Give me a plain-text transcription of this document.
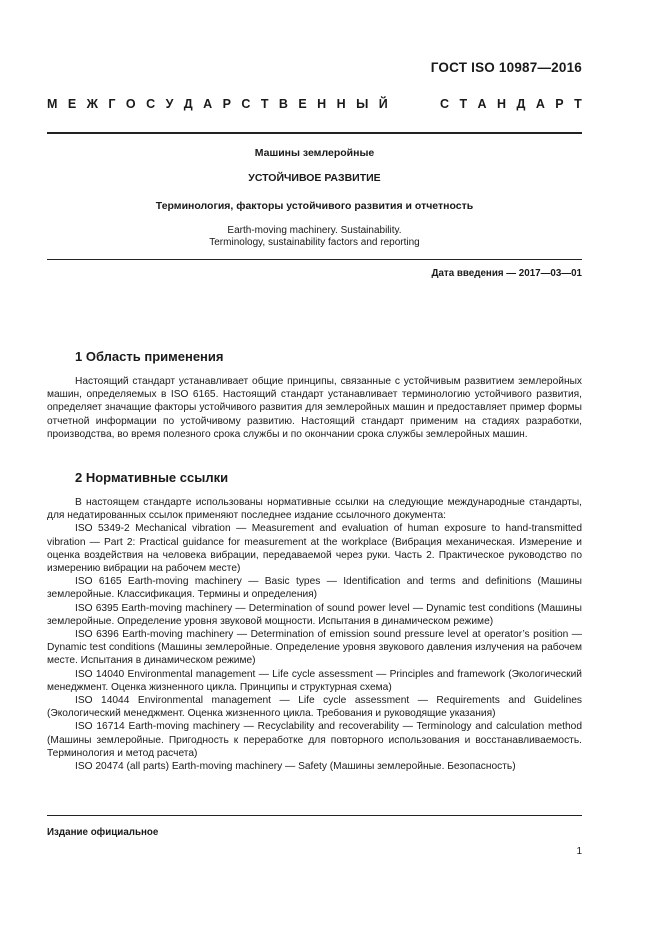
ГОСТ ISO 10987—2016
М Е Ж Г О С У Д А Р С Т В Е Н Н Ы Й

	С Т А Н Д А Р Т
Машины землеройные
УСТОЙЧИВОЕ РАЗВИТИЕ
Терминология, факторы устойчивого развития и отчетность
Earth-moving machinery. Sustainability.
Terminology, sustainability factors and reporting
Дата введения — 2017—03—01
1 Область применения

Настоящий стандарт устанавливает общие принципы, связанные с устойчивым развитием землеройных машин, определяемых в ISO 6165. Настоящий стандарт устанавливает терминологию устойчивого развития, определяет значащие факторы устойчивого развития для землеройных машин и предоставляет пример формы отчетной информации по устойчивому развитию. Настоящий стандарт применим на стадиях разработки, производства, во время полезного срока службы и по окончании срока службы землеройных машин.

2 Нормативные ссылки

В настоящем стандарте использованы нормативные ссылки на следующие международные стандарты, для недатированных ссылок применяют последнее издание ссылочного документа:

ISO 5349-2 Mechanical vibration — Measurement and evaluation of human exposure to hand-transmitted vibration — Part 2: Practical guidance for measurement at the workplace (Вибрация механическая. Измерение и оценка воздействия на человека вибрации, передаваемой через руки. Часть 2. Практическое руководство по измерению вибрации на рабочем месте)

ISO 6165 Earth-moving machinery — Basic types — Identification and terms and definitions (Машины землеройные. Классификация. Термины и определения)

ISO 6395 Earth-moving machinery — Determination of sound power level — Dynamic test conditions (Машины землеройные. Определение уровня звуковой мощности. Испытания в динамическом режиме)

ISO 6396 Earth-moving machinery — Determination of emission sound pressure level at operator’s position — Dynamic test conditions (Машины землеройные. Определение уровня звукового давления излучения на рабочем месте. Испытания в динамическом режиме)

ISO 14040 Environmental management — Life cycle assessment — Principles and framework (Экологический менеджмент. Оценка жизненного цикла. Принципы и структурная схема)

ISO 14044 Environmental management — Life cycle assessment — Requirements and Guidelines (Экологический менеджмент. Оценка жизненного цикла. Требования и руководящие указания)

ISO 16714 Earth-moving machinery — Recyclability and recoverability — Terminology and calculation method (Машины землеройные. Пригодность к переработке для повторного использования и восстанавливаемость. Терминология и метод расчета)

ISO 20474 (all parts) Earth-moving machinery — Safety (Машины землеройные. Безопасность)

Издание официальное
1
